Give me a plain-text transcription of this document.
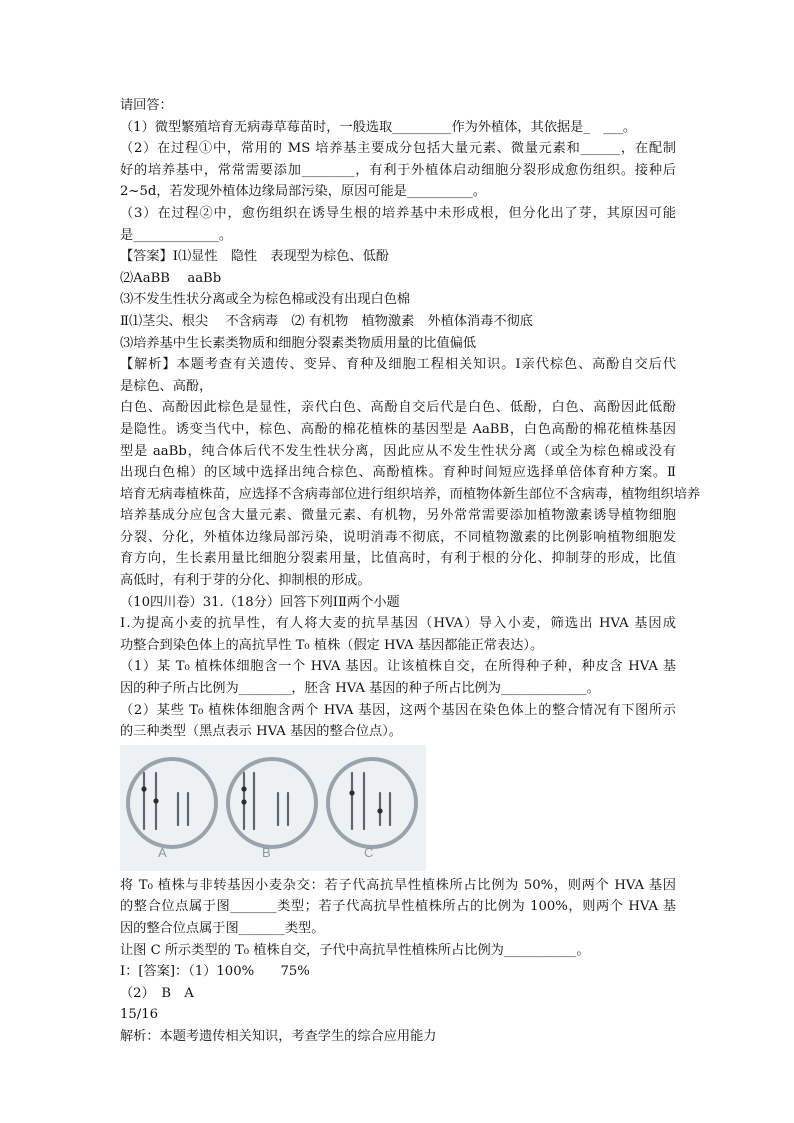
请回答：
（1）微型繁殖培育无病毒草莓苗时，一般选取_________作为外植体，其依据是_　___。
（2）在过程①中，常用的 MS 培养基主要成分包括大量元素、微量元素和______，在配制
好的培养基中，常常需要添加________，有利于外植体启动细胞分裂形成愈伤组织。接种后
2~5d，若发现外植体边缘局部污染，原因可能是__________。
（3）在过程②中，愈伤组织在诱导生根的培养基中未形成根，但分化出了芽，其原因可能
是_____________。
【答案】Ⅰ⑴显性　隐性　表现型为棕色、低酚
⑵AaBB　 aaBb
⑶不发生性状分离或全为棕色棉或没有出现白色棉
Ⅱ⑴茎尖、根尖　 不含病毒　⑵ 有机物　植物激素　外植体消毒不彻底
⑶培养基中生长素类物质和细胞分裂素类物质用量的比值偏低
【解析】本题考查有关遗传、变异、育种及细胞工程相关知识。Ⅰ亲代棕色、高酚自交后代
是棕色、高酚，
白色、高酚因此棕色是显性，亲代白色、高酚自交后代是白色、低酚，白色、高酚因此低酚
是隐性。诱变当代中，棕色、高酚的棉花植株的基因型是 AaBB，白色高酚的棉花植株基因
型是 aaBb，纯合体后代不发生性状分离，因此应从不发生性状分离（或全为棕色棉或没有
出现白色棉）的区域中选择出纯合棕色、高酚植株。育种时间短应选择单倍体育种方案。Ⅱ
培育无病毒植株苗，应选择不含病毒部位进行组织培养，而植物体新生部位不含病毒，植物组织培养
培养基成分应包含大量元素、微量元素、有机物，另外常常需要添加植物激素诱导植物细胞
分裂、分化，外植体边缘局部污染，说明消毒不彻底，不同植物激素的比例影响植物细胞发
育方向，生长素用量比细胞分裂素用量，比值高时，有利于根的分化、抑制芽的形成，比值
高低时，有利于芽的分化、抑制根的形成。
（10四川卷）31.（18分）回答下列ⅠⅡ两个小题
Ⅰ.为提高小麦的抗旱性，有人将大麦的抗旱基因（HVA）导入小麦，筛选出 HVA 基因成
功整合到染色体上的高抗旱性 T₀ 植株（假定 HVA 基因都能正常表达）。
（1）某 T₀ 植株体细胞含一个 HVA 基因。让该植株自交，在所得种子种，种皮含 HVA 基
因的种子所占比例为________，胚含 HVA 基因的种子所占比例为_____________。
（2）某些 T₀ 植株体细胞含两个 HVA 基因，这两个基因在染色体上的整合情况有下图所示
的三种类型（黑点表示 HVA 基因的整合位点）。
A	B	C
将 T₀ 植株与非转基因小麦杂交：若子代高抗旱性植株所占比例为 50%，则两个 HVA 基因
的整合位点属于图_______类型；若子代高抗旱性植株所占的比例为 100%，则两个 HVA 基
因的整合位点属于图_______类型。
让图 C 所示类型的 T₀ 植株自交，子代中高抗旱性植株所占比例为___________。
Ⅰ：[答案]：（1）100%　　75%
（2）　B　A
15/16
解析：本题考遗传相关知识，考查学生的综合应用能力
